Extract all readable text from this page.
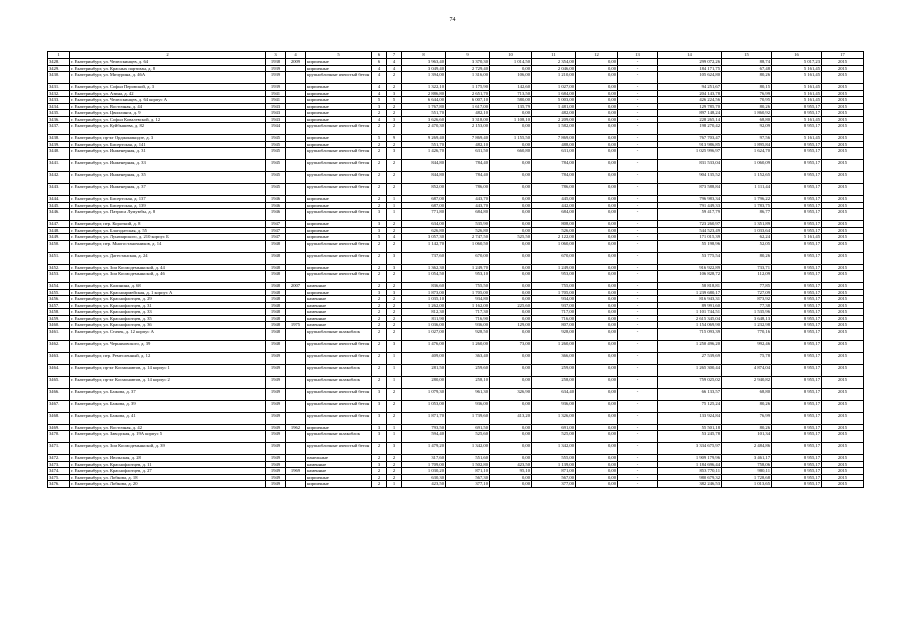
74
1	2	3	4	5	6	7	8	9	10	11	12	13	14	15	16	17
3428.	г. Екатеринбург, ул. Челюскинцев, д. 64	1938	2009	кирпичные	6	4	3 963,40	3 370,30	1 014,50	2 354,00	0,00	-	299 072,26	88,74	5 017,23	2015
3429.	г. Екатеринбург, ул. Красных партизан, д. 8	1939		кирпичные	4	4	3 049,40	2 729,40	0,00	2 046,00	0,00	-	184 171,75	67,48	5 161,45	2015
3430.	г. Екатеринбург, ул. Мичурина, д. 46А	1939		крупноблочные ячеистый бетон	4	2	1 394,00	1 316,00	106,00	1 210,00	0,00	-	105 624,80	80,26	5 161,45	2015
3431.	г. Екатеринбург, ул. Софьи Перовской, д. 3	1939		кирпичные	4	2	1 322,10	1 175,90	142,60	1 027,00	0,00	-	94 251,67	80,15	5 161,45	2015
3432.	г. Екатеринбург, ул. Азина, д. 42	1941		кирпичные	4	3	2 886,80	2 651,70	713,50	1 684,00	0,00	-	204 143,78	76,99	5 161,45	2015
3433.	г. Екатеринбург, ул. Челюскинцев, д. 64 корпус А	1941		кирпичные	5	5	6 644,00	6 007,10	580,00	5 003,00	0,00	-	426 224,56	70,95	5 161,45	2015
3434.	г. Екатеринбург, ул. Восточная, д. 44	1943		кирпичные	3	2	1 767,80	1 617,00	135,79	1 481,00	0,00	-	129 785,70	80,26	8 955,17	2015
3435.	г. Екатеринбург, ул. Цвиллинга, д. 9	1943		кирпичные	2	2	551,70	482,10	0,00	482,00	0,00	-	897 148,24	1 860,92	8 955,17	2015
3436.	г. Екатеринбург, ул. Софьи Ковалевской, д. 12	1943		кирпичные	4	3	3 626,60	3 318,00	1 108,10	2 209,00	0,00	-	228 265,14	68,80	5 161,45	2015
3437.	г. Екатеринбург, ул. Куйбышева, д. 82	1944		крупноблочные ячеистый бетон	2	2	2 470,30	2 153,00	0,00	1 582,00	0,00	-	198 270,42	92,09	8 955,17	2015
3438.	г. Екатеринбург, пр-кт Орджоникидзе, д. 3	1945		кирпичные	5	9	9 269,40	7 869,40	1 155,50	7 869,00	0,00	-	767 703,47	97,56	5 161,45	2015
3439.	г. Екатеринбург, ул. Бисертская, д. 141	1945		кирпичные	2	2	551,70	482,10	0,00	488,00	0,00	-	913 986,85	1 895,84	8 955,17	2015
3440.	г. Екатеринбург, ул. Инженерная, д. 31	1945		крупноблочные ячеистый бетон	2	3	1 426,70	631,50	660,80	631,00	0,00	-	1 025 996,97	1 624,70	8 955,17	2015
3441.	г. Екатеринбург, ул. Инженерная, д. 33	1945		крупноблочные ячеистый бетон	2	2	844,80	784,40	0,00	784,00	0,00	-	831 533,04	1 060,09	8 955,17	2015
3442.	г. Екатеринбург, ул. Инженерная, д. 35	1945		крупноблочные ячеистый бетон	2	2	844,80	784,40	0,00	784,00	0,00	-	904 135,52	1 152,65	8 955,17	2015
3443.	г. Екатеринбург, ул. Инженерная, д. 37	1945		крупноблочные ячеистый бетон	2	2	852,00	786,00	0,00	786,00	0,00	-	873 588,84	1 111,44	8 955,17	2015
3444.	г. Екатеринбург, ул. Бисертская, д. 137	1946		кирпичные	2	1	687,00	443,70	0,00	445,00	0,00	-	796 983,34	1 796,22	8 955,17	2015
3445.	г. Екатеринбург, ул. Бисертская, д. 139	1946		кирпичные	2	1	687,00	443,70	0,00	442,00	0,00	-	791 449,33	1 783,75	8 955,17	2015
3446.	г. Екатеринбург, ул. Патриса Лумумбы, д. 8	1946		крупноблочные ячеистый бетон	3	1	771,80	684,80	0,00	684,00	0,00	-	59 417,79	86,77	8 955,17	2015
3447.	г. Екатеринбург, пер. Короткий, д. 8	1947		кирпичные	3	2	634,00	535,90	0,00	808,00	0,00	-	723 260,97	1 351,89	8 955,17	2015
3448.	г. Екатеринбург, ул. Благодатская, д. 55	1947		кирпичные	3	2	626,80	526,80	0,00	526,00	0,00	-	544 523,49	1 033,64	8 955,17	2015
3449.	г. Екатеринбург, ул. Луначарского, д. 210 корпус Б	1947		кирпичные	5	4	3 057,30	2 747,50	525,50	2 122,00	0,00	-	171 015,39	62,24	5 161,45	2015
3450.	г. Екатеринбург, пер. Многостаночников, д. 14	1948		крупноблочные ячеистый бетон	2	2	1 142,70	1 060,50	0,00	1 060,00	0,00	-	55 198,96	52,05	8 955,17	2015
3451.	г. Екатеринбург, ул. Дагестанская, д. 24	1948		крупноблочные ячеистый бетон	2	3	737,60	670,00	0,00	670,00	0,00	-	53 775,54	80,26	8 955,17	2015
3452.	г. Екатеринбург, ул. Зои Космодемьянской, д. 44	1948		кирпичные	2	3	1 362,30	1 249,70	0,00	1 249,00	0,00	-	916 922,89	733,71	8 955,17	2015
3453.	г. Екатеринбург, ул. Зои Космодемьянской, д. 46	1948		крупноблочные ячеистый бетон	2	2	1 054,50	953,10	0,00	953,00	0,00	-	106 828,72	112,09	8 955,17	2015
3454.	г. Екатеринбург, ул. Калинина, д. 68	1948	2007	каменные	2	2	836,60	755,50	0,00	755,00	0,00	-	58 818,81	77,85	8 955,17	2015
3455.	г. Екатеринбург, ул. Красноармейская, д. 1 корпус А	1948		кирпичные	3	3	1 873,00	1 705,00	0,00	1 705,00	0,00	-	1 239 680,17	727,09	8 955,17	2015
3456.	г. Екатеринбург, ул. Краснофлотцев, д. 29	1948		каменные	2	2	1 035,10	934,80	0,00	934,00	0,00	-	816 943,31	873,92	8 955,17	2015
3457.	г. Екатеринбург, ул. Краснофлотцев, д. 31	1948		каменные	2	2	1 262,00	1 162,00	225,60	937,00	0,00	-	89 991,60	77,38	8 955,17	2015
3458.	г. Екатеринбург, ул. Краснофлотцев, д. 33	1948		каменные	2	2	812,30	717,30	0,00	717,00	0,00	-	1 101 744,51	1 535,96	8 955,17	2015
3459.	г. Екатеринбург, ул. Краснофлотцев, д. 35	1948		каменные	2	2	811,90	716,90	0,00	716,00	0,00	-	2 615 345,04	3 648,13	8 955,17	2015
3460.	г. Екатеринбург, ул. Краснофлотцев, д. 36	1948	1975	каменные	2	2	1 036,00	936,00	129,00	807,00	0,00	-	1 154 069,90	1 232,98	8 955,17	2015
3461.	г. Екатеринбург, ул. Стачек, д. 12 корпус А	1948		крупноблочные шлакоблок	2	2	1 027,00	928,50	0,00	928,00	0,00	-	715 093,39	770,16	8 955,17	2015
3462.	г. Екатеринбург, ул. Черняховского, д. 39	1948		крупноблочные ячеистый бетон	2	3	1 476,00	1 260,00	73,00	1 260,00	0,00	-	1 250 496,20	992,46	8 955,17	2015
3463.	г. Екатеринбург, пер. Ремесленный, д. 12	1949		крупноблочные ячеистый бетон	2	1	409,00	363,40	0,00	366,00	0,00	-	27 539,69	75,78	8 955,17	2015
3464.	г. Екатеринбург, пр-кт Космонавтов, д. 14 корпус 1	1949		крупноблочные шлакоблок	2	1	281,50	259,60	0,00	259,00	0,00	-	1 265 300,44	4 874,04	8 955,17	2015
3465.	г. Екатеринбург, пр-кт Космонавтов, д. 14 корпус 2	1949		крупноблочные шлакоблок	2	1	280,00	258,10	0,00	258,00	0,00	-	759 025,02	2 940,82	8 955,17	2015
3466.	г. Екатеринбург, ул. Бажова, д. 37	1949		крупноблочные ячеистый бетон	3	2	1 079,30	961,30	326,90	634,40	0,00	-	66 133,57	68,80	8 955,17	2015
3467.	г. Екатеринбург, ул. Бажова, д. 39	1949		крупноблочные ячеистый бетон	3	2	1 053,00	936,00	0,00	936,00	0,00	-	75 125,24	80,26	8 955,17	2015
3468.	г. Екатеринбург, ул. Бажова, д. 41	1949		крупноблочные ячеистый бетон	3	2	1 871,70	1 739,60	413,20	1 326,00	0,00	-	133 924,84	76,99	8 955,17	2015
3469.	г. Екатеринбург, ул. Восточная, д. 42	1949	1962	кирпичные	3	1	793,50	691,50	0,00	691,00	0,00	-	55 501,18	80,26	8 955,17	2015
3470.	г. Екатеринбург, ул. Заводская, д. 19А корпус 5	1949		крупноблочные шлакоблок	3	1	594,40	525,60	0,00	525,00	0,00	-	53 245,78	101,34	8 955,17	2015
3471.	г. Екатеринбург, ул. Зои Космодемьянской, д. 39	1949		крупноблочные ячеистый бетон	2	3	1 479,20	1 342,00	0,00	1 342,00	0,00	-	3 334 675,97	2 484,86	8 955,17	2015
3472.	г. Екатеринбург, ул. Июльская, д. 28	1949		панельные	2	2	317,60	551,60	0,00	555,00	0,00	-	1 909 179,96	3 461,17	8 955,17	2015
3473.	г. Екатеринбург, ул. Краснофлотцев, д. 11	1949		каменные	3	2	1 709,00	1 502,80	423,50	1 139,00	0,00	-	1 184 696,44	758,06	8 955,17	2015
3474.	г. Екатеринбург, ул. Краснофлотцев, д. 27	1949	1969	каменные	2	2	1 030,20	871,10	95,10	871,00	0,00	-	853 770,11	980,11	8 955,17	2015
3475.	г. Екатеринбург, ул. Лобкова, д. 18	1949		кирпичные	2	2	630,30	567,30	0,00	567,00	0,00	-	980 679,32	1 728,68	8 955,17	2015
3476.	г. Екатеринбург, ул. Лобкова, д. 20	1949		кирпичные	2	1	423,50	377,10	0,00	377,00	0,00	-	382 246,53	1 013,65	8 955,17	2015
